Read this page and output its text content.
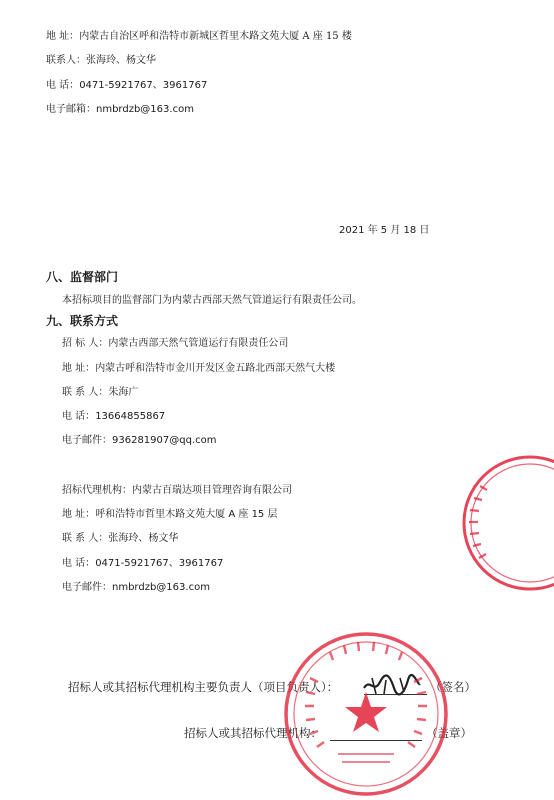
地 址：内蒙古自治区呼和浩特市新城区哲里木路文苑大厦 A 座 15 楼
联系人：张海玲、杨文华
电 话：0471-5921767、3961767
电子邮箱：nmbrdzb@163.com
2021 年 5 月 18 日
八、监督部门
本招标项目的监督部门为内蒙古西部天然气管道运行有限责任公司。
九、联系方式
招 标 人：内蒙古西部天然气管道运行有限责任公司
地 址：内蒙古呼和浩特市金川开发区金五路北西部天然气大楼
联 系 人：朱海广
电 话：13664855867
电子邮件：936281907@qq.com
招标代理机构：内蒙古百瑞达项目管理咨询有限公司
地 址：呼和浩特市哲里木路文苑大厦 A 座 15 层
联 系 人：张海玲、杨文华
电 话：0471-5921767、3961767
电子邮件：nmbrdzb@163.com
招标人或其招标代理机构主要负责人（项目负责人）：	（签名）
招标人或其招标代理机构：	（盖章）
